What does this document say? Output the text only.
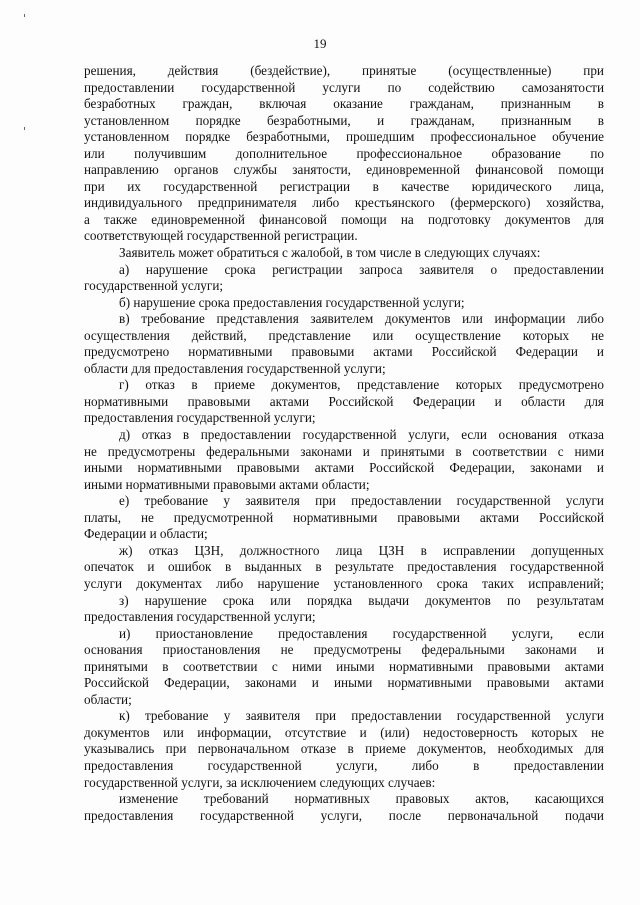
19
решения, действия (бездействие), принятые (осуществленные) при
предоставлении государственной услуги по содействию самозанятости
безработных граждан, включая оказание гражданам, признанным в
установленном порядке безработными, и гражданам, признанным в
установленном порядке безработными, прошедшим профессиональное обучение
или получившим дополнительное профессиональное образование по
направлению органов службы занятости, единовременной финансовой помощи
при их государственной регистрации в качестве юридического лица,
индивидуального предпринимателя либо крестьянского (фермерского) хозяйства,
а также единовременной финансовой помощи на подготовку документов для
соответствующей государственной регистрации.
Заявитель может обратиться с жалобой, в том числе в следующих случаях:
а) нарушение срока регистрации запроса заявителя о предоставлении
государственной услуги;
б) нарушение срока предоставления государственной услуги;
в) требование представления заявителем документов или информации либо
осуществления действий, представление или осуществление которых не
предусмотрено нормативными правовыми актами Российской Федерации и
области для предоставления государственной услуги;
г) отказ в приеме документов, представление которых предусмотрено
нормативными правовыми актами Российской Федерации и области для
предоставления государственной услуги;
д) отказ в предоставлении государственной услуги, если основания отказа
не предусмотрены федеральными законами и принятыми в соответствии с ними
иными нормативными правовыми актами Российской Федерации, законами и
иными нормативными правовыми актами области;
е) требование у заявителя при предоставлении государственной услуги
платы, не предусмотренной нормативными правовыми актами Российской
Федерации и области;
ж) отказ ЦЗН, должностного лица ЦЗН в исправлении допущенных
опечаток и ошибок в выданных в результате предоставления государственной
услуги документах либо нарушение установленного срока таких исправлений;
з) нарушение срока или порядка выдачи документов по результатам
предоставления государственной услуги;
и) приостановление предоставления государственной услуги, если
основания приостановления не предусмотрены федеральными законами и
принятыми в соответствии с ними иными нормативными правовыми актами
Российской Федерации, законами и иными нормативными правовыми актами
области;
к) требование у заявителя при предоставлении государственной услуги
документов или информации, отсутствие и (или) недостоверность которых не
указывались при первоначальном отказе в приеме документов, необходимых для
предоставления государственной услуги, либо в предоставлении
государственной услуги, за исключением следующих случаев:
изменение требований нормативных правовых актов, касающихся
предоставления государственной услуги, после первоначальной подачи
